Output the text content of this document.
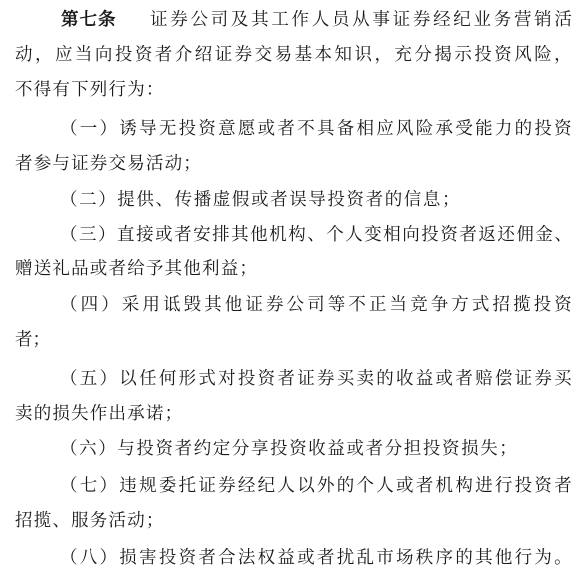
第七条 证 券 公 司 及 其 工 作 人 员 从 事 证 券 经 纪 业 务 营 销 活
动 ， 应 当 向 投 资 者 介 绍 证 券 交 易 基 本 知 识 ， 充 分 揭 示 投 资 风 险 ，
不得有下列行为：
（ 一 ） 诱 导 无 投 资 意 愿 或 者 不 具 备 相 应 风 险 承 受 能 力 的 投 资
者参与证券交易活动；
（二）提供、传播虚假或者误导投资者的信息；
（ 三 ） 直 接 或 者 安 排 其 他 机 构 、 个 人 变 相 向 投 资 者 返 还 佣 金 、
赠送礼品或者给予其他利益；
（ 四 ） 采 用 诋 毁 其 他 证 券 公 司 等 不 正 当 竞 争 方 式 招 揽 投 资
者；
（ 五 ） 以 任 何 形 式 对 投 资 者 证 券 买 卖 的 收 益 或 者 赔 偿 证 券 买
卖的损失作出承诺；
（六）与投资者约定分享投资收益或者分担投资损失；
（ 七 ） 违 规 委 托 证 券 经 纪 人 以 外 的 个 人 或 者 机 构 进 行 投 资 者
招揽、服务活动；
（ 八 ） 损 害 投 资 者 合 法 权 益 或 者 扰 乱 市 场 秩 序 的 其 他 行 为 。
